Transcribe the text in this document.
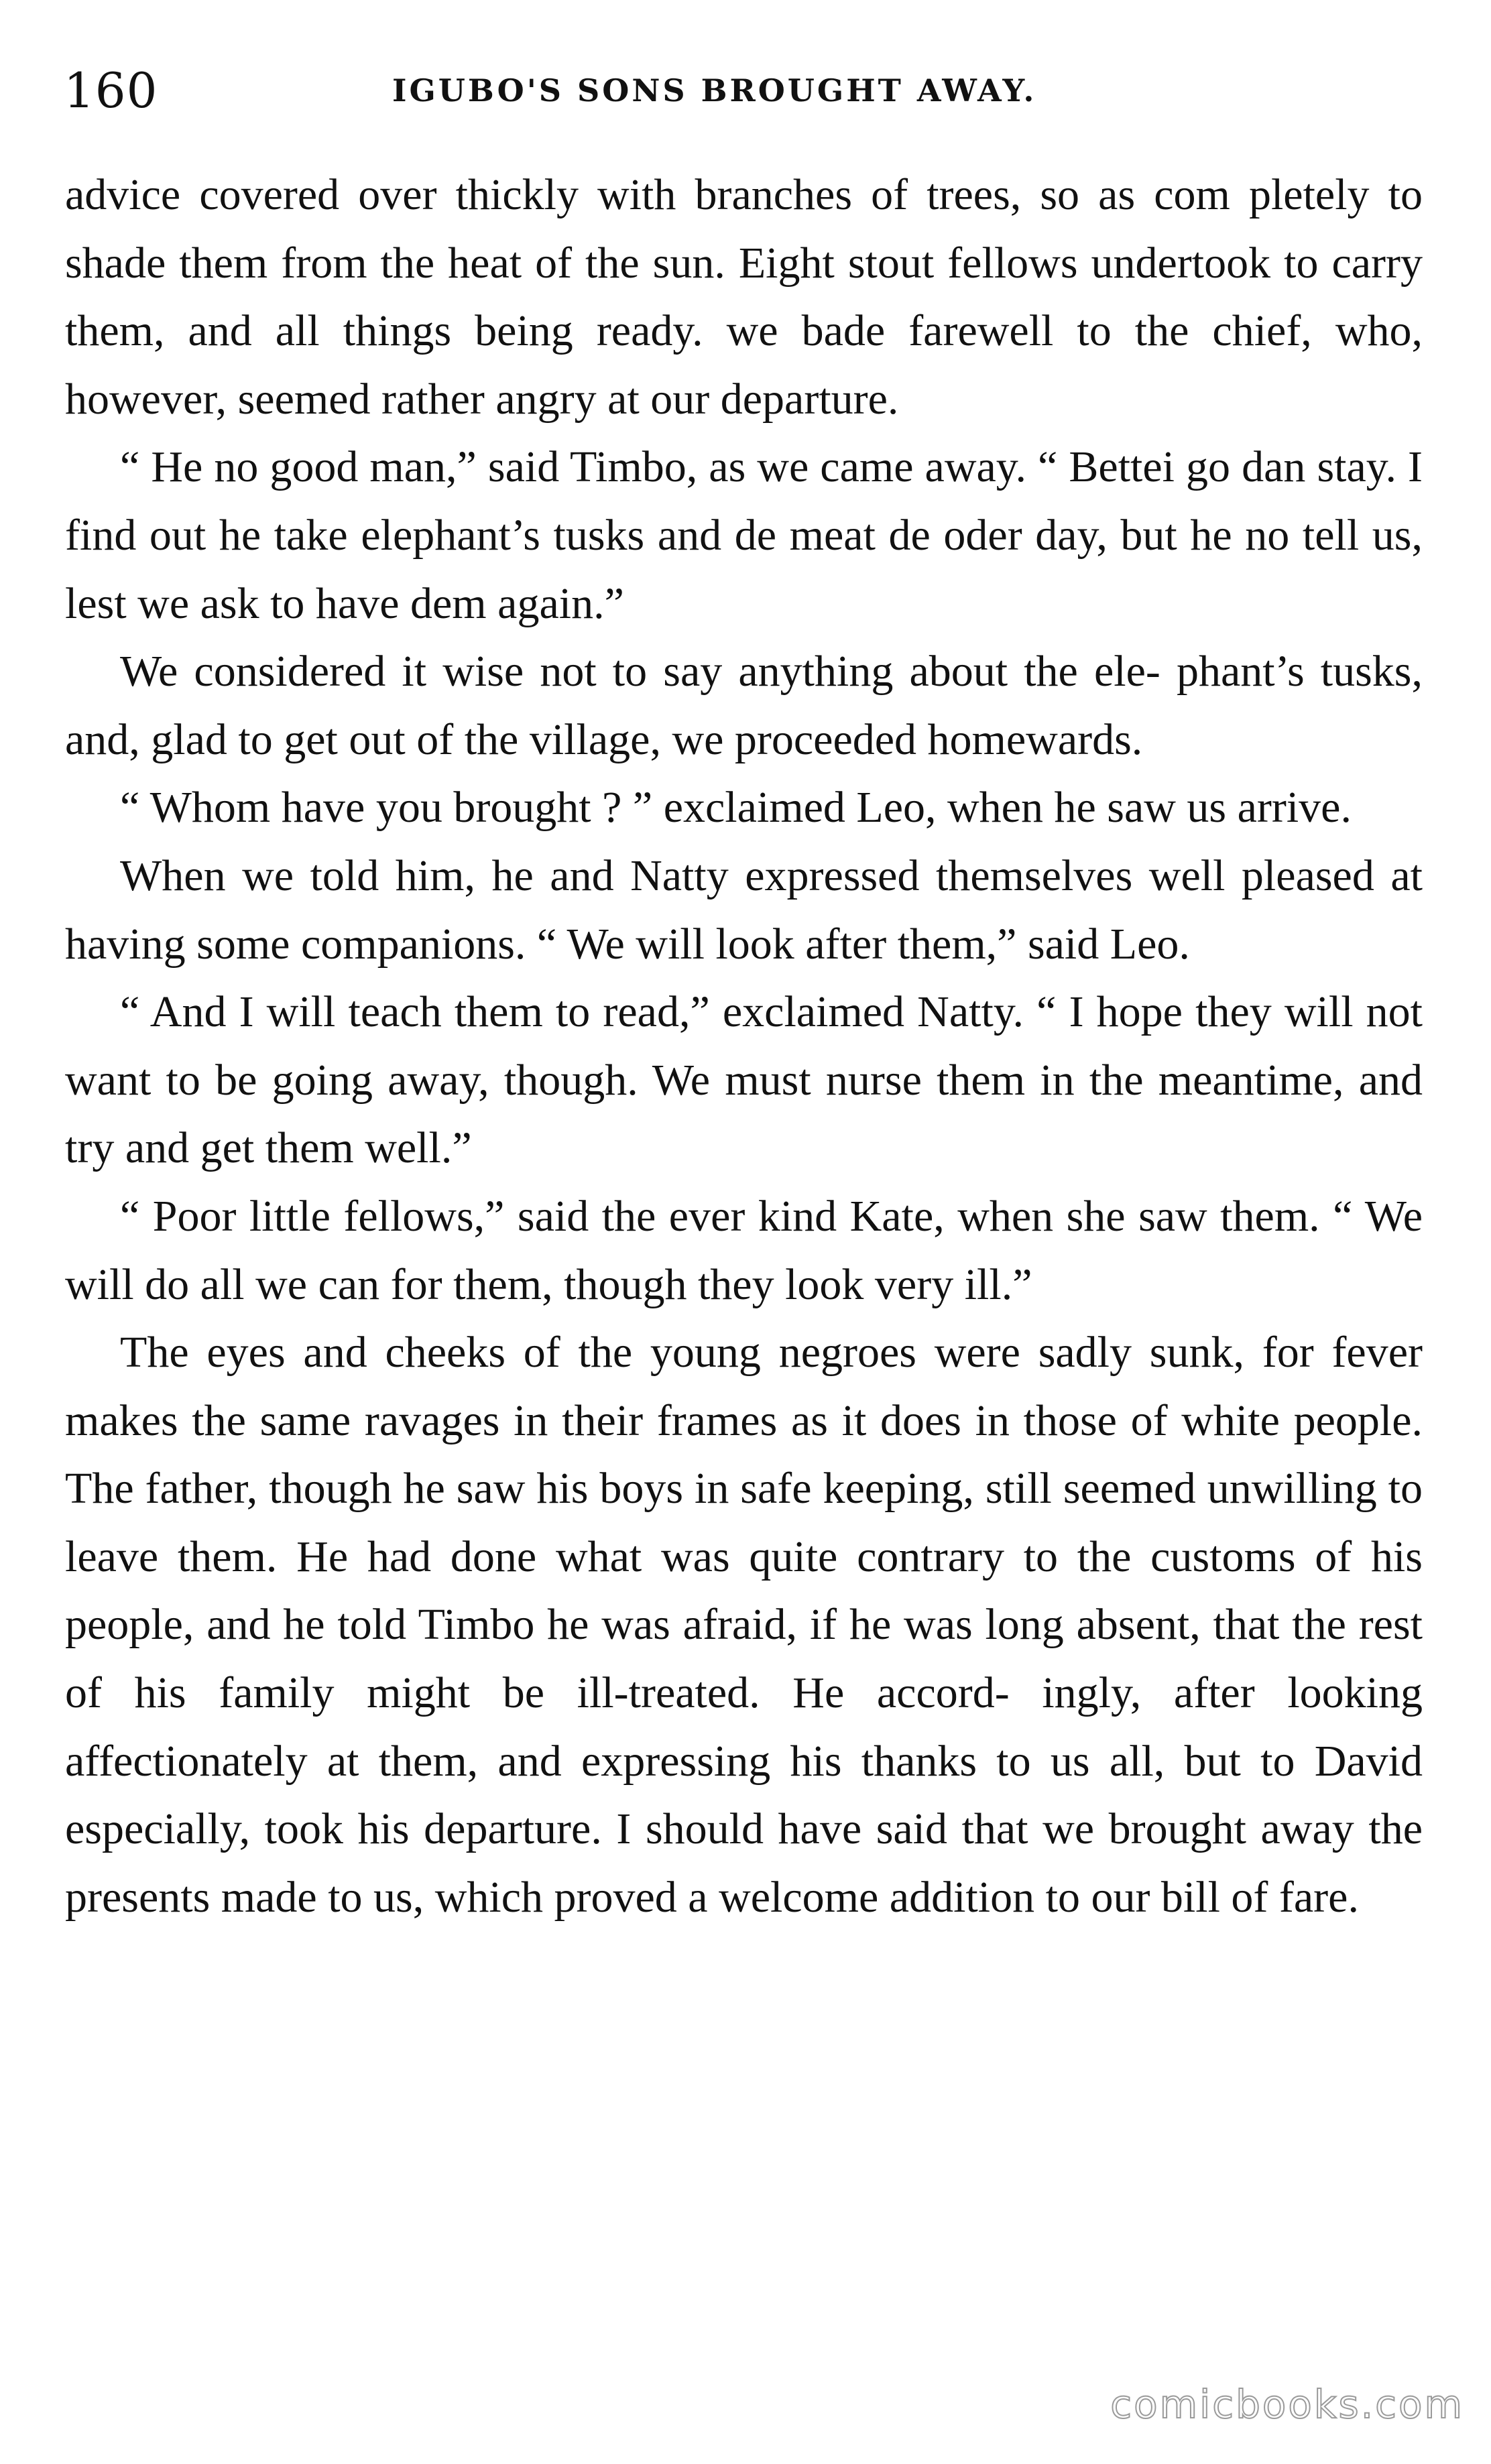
160	IGUBO'S SONS BROUGHT AWAY.

advice covered over thickly with branches of trees, so as com pletely to shade them from the heat of the sun. Eight stout fellows undertook to carry them, and all things being ready. we bade farewell to the chief, who, however, seemed rather angry at our departure.

“ He no good man,” said Timbo, as we came away. “ Bettei go dan stay. I find out he take elephant’s tusks and de meat de oder day, but he no tell us, lest we ask to have dem again.”

We considered it wise not to say anything about the ele- phant’s tusks, and, glad to get out of the village, we proceeded homewards.

“ Whom have you brought ? ” exclaimed Leo, when he saw us arrive.

When we told him, he and Natty expressed themselves well pleased at having some companions. “ We will look after them,” said Leo.

“ And I will teach them to read,” exclaimed Natty. “ I hope they will not want to be going away, though. We must nurse them in the meantime, and try and get them well.”

“ Poor little fellows,” said the ever kind Kate, when she saw them. “ We will do all we can for them, though they look very ill.”

The eyes and cheeks of the young negroes were sadly sunk, for fever makes the same ravages in their frames as it does in those of white people. The father, though he saw his boys in safe keeping, still seemed unwilling to leave them. He had done what was quite contrary to the customs of his people, and he told Timbo he was afraid, if he was long absent, that the rest of his family might be ill-treated. He accord- ingly, after looking affectionately at them, and expressing his thanks to us all, but to David especially, took his departure. I should have said that we brought away the presents made to us, which proved a welcome addition to our bill of fare.

comicbooks.com
